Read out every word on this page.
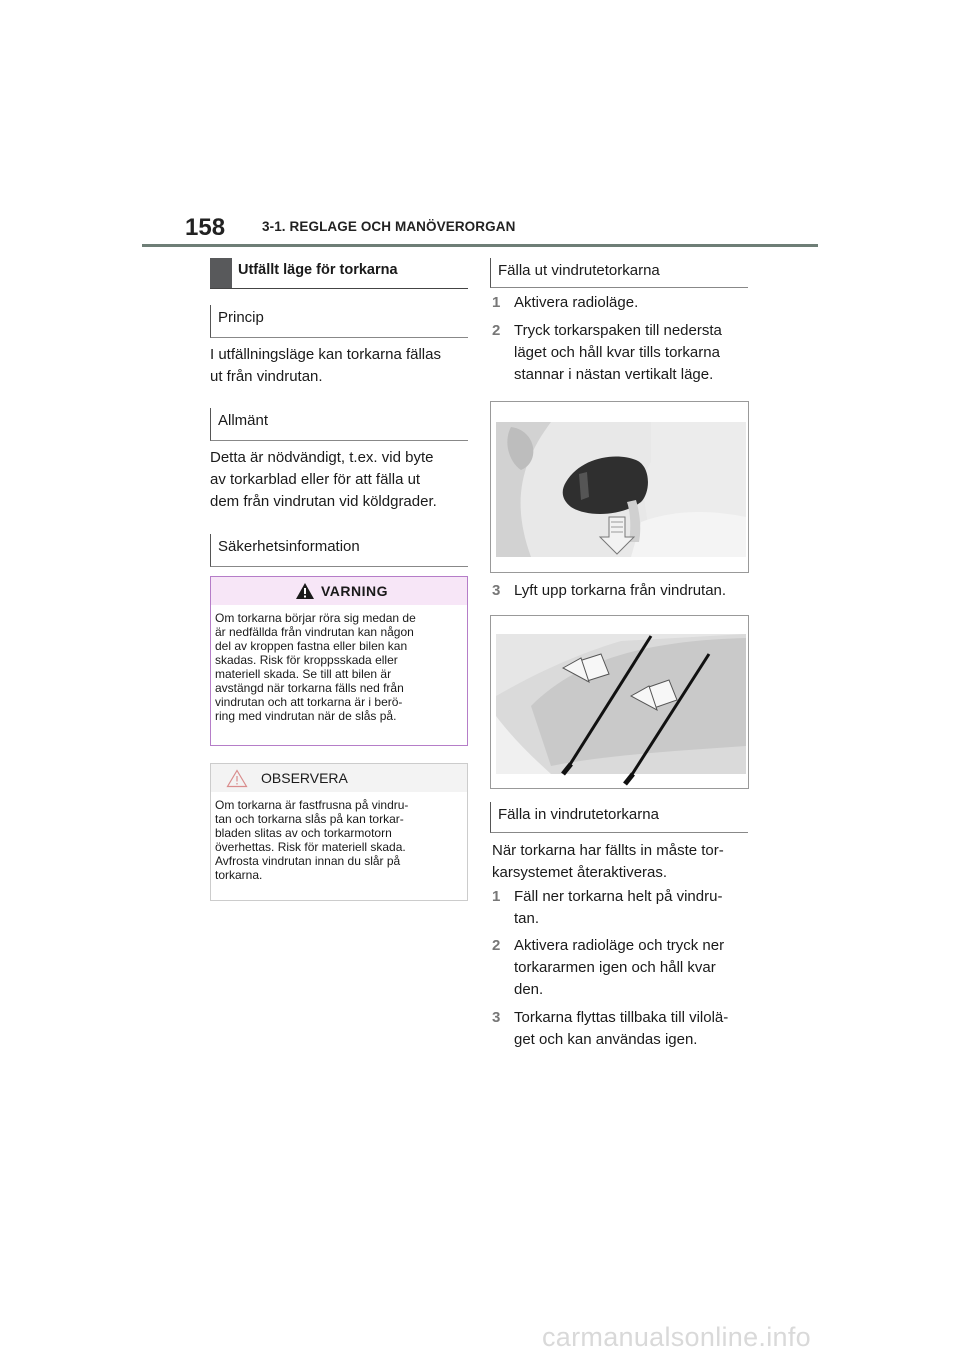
158	3-1. REGLAGE OCH MANÖVERORGAN
Utfällt läge för torkarna
Princip
I utfällningsläge kan torkarna fällas
ut från vindrutan.
Allmänt
Detta är nödvändigt, t.ex. vid byte
av torkarblad eller för att fälla ut
dem från vindrutan vid köldgrader.
Säkerhetsinformation
VARNING
Om torkarna börjar röra sig medan de
är nedfällda från vindrutan kan någon
del av kroppen fastna eller bilen kan
skadas. Risk för kroppsskada eller
materiell skada. Se till att bilen är
avstängd när torkarna fälls ned från
vindrutan och att torkarna är i berö-
ring med vindrutan när de slås på.
OBSERVERA
Om torkarna är fastfrusna på vindru-
tan och torkarna slås på kan torkar-
bladen slitas av och torkarmotorn
överhettas. Risk för materiell skada.
Avfrosta vindrutan innan du slår på
torkarna.
Fälla ut vindrutetorkarna
1 Aktivera radioläge.
2 Tryck torkarspaken till nedersta
läget och håll kvar tills torkarna
stannar i nästan vertikalt läge.
3 Lyft upp torkarna från vindrutan.
Fälla in vindrutetorkarna
När torkarna har fällts in måste tor-
karsystemet återaktiveras.
1 Fäll ner torkarna helt på vindru-
tan.
2 Aktivera radioläge och tryck ner
torkararmen igen och håll kvar
den.
3 Torkarna flyttas tillbaka till vilolä-
get och kan användas igen.
carmanualsonline.info
